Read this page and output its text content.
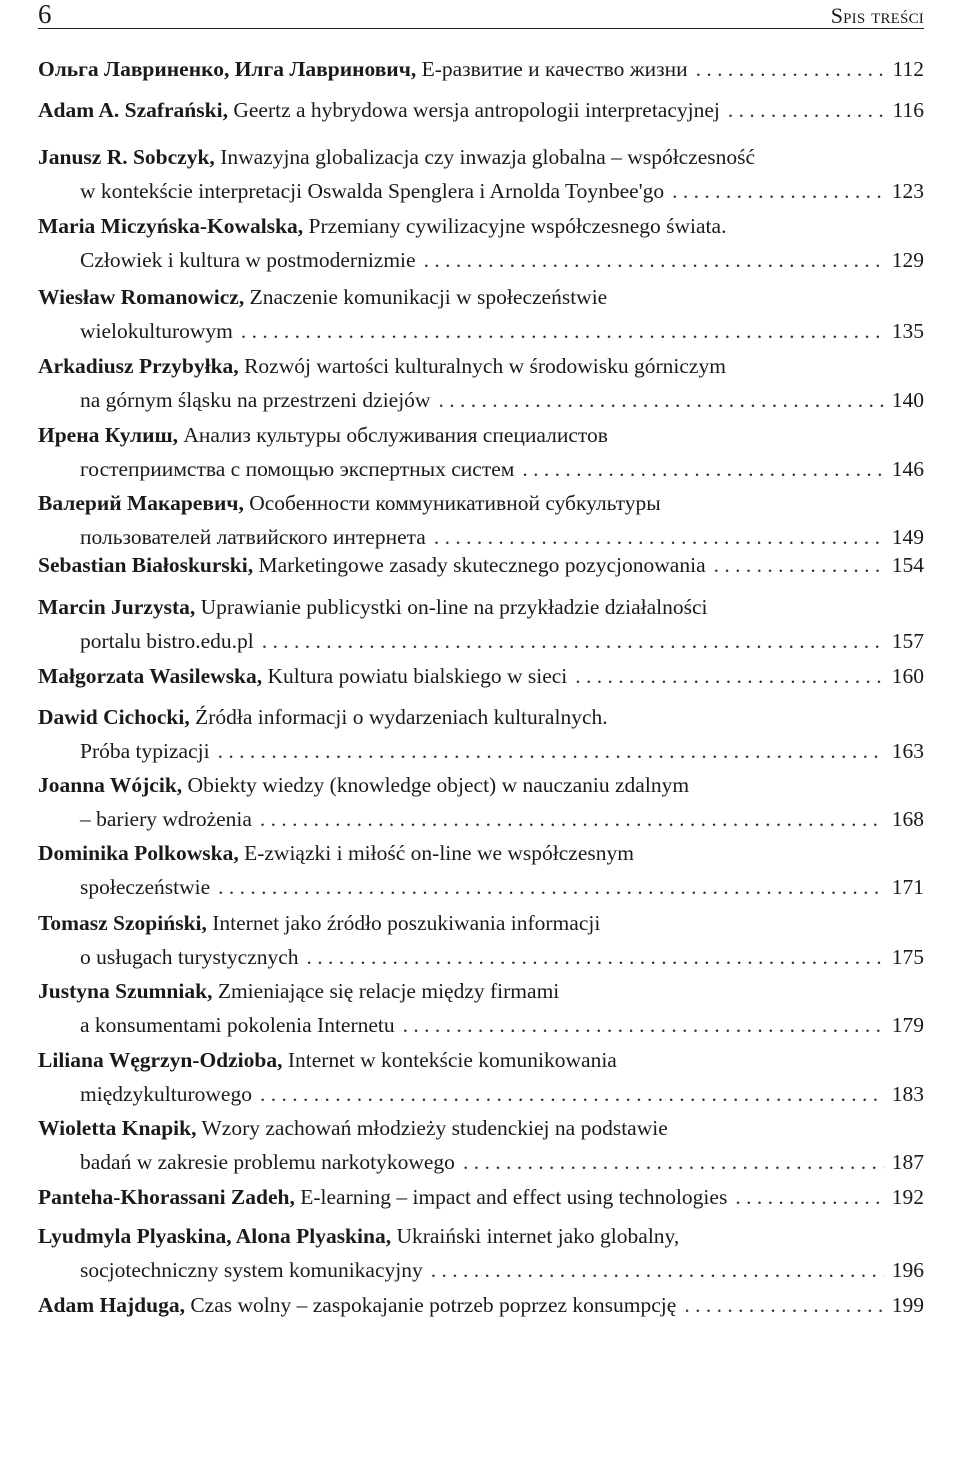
6	Spis treści
Ольга Лавриненко, Илга Лавринович, Е-развитие и качество жизни . . .	112
Adam A. Szafrański, Geertz a hybrydowa wersja antropologii interpretacyjnej . . .	116
Janusz R. Sobczyk, Inwazyjna globalizacja czy inwazja globalna – współczesność
w kontekście interpretacji Oswalda Spenglera i Arnolda Toynbee'go . . .	123
Maria Miczyńska-Kowalska, Przemiany cywilizacyjne współczesnego świata.
Człowiek i kultura w postmodernizmie . . .	129
Wiesław Romanowicz, Znaczenie komunikacji w społeczeństwie
wielokulturowym . . .	135
Arkadiusz Przybyłka, Rozwój wartości kulturalnych w środowisku górniczym
na górnym śląsku na przestrzeni dziejów . . .	140
Ирена Кулиш, Анализ культуры обслуживания специалистов
гостеприимства с помощью экспертных систем . . .	146
Валерий Макаревич, Особенности коммуникативной субкультуры
пользователей латвийского интернета . . .	149
Sebastian Białoskurski, Marketingowe zasady skutecznego pozycjonowania . . .	154
Marcin Jurzysta, Uprawianie publicystki on-line na przykładzie działalności
portalu bistro.edu.pl . . .	157
Małgorzata Wasilewska, Kultura powiatu bialskiego w sieci . . .	160
Dawid Cichocki, Źródła informacji o wydarzeniach kulturalnych.
Próba typizacji . . .	163
Joanna Wójcik, Obiekty wiedzy (knowledge object) w nauczaniu zdalnym
– bariery wdrożenia . . .	168
Dominika Polkowska, E-związki i miłość on-line we współczesnym
społeczeństwie . . .	171
Tomasz Szopiński, Internet jako źródło poszukiwania informacji
o usługach turystycznych . . .	175
Justyna Szumniak, Zmieniające się relacje między firmami
a konsumentami pokolenia Internetu . . .	179
Liliana Węgrzyn-Odzioba, Internet w kontekście komunikowania
międzykulturowego . . .	183
Wioletta Knapik, Wzory zachowań młodzieży studenckiej na podstawie
badań w zakresie problemu narkotykowego . . .	187
Panteha-Khorassani Zadeh, E-learning – impact and effect using technologies . . .	192
Lyudmyla Plyaskina, Alona Plyaskina, Ukraiński internet jako globalny,
socjotechniczny system komunikacyjny . . .	196
Adam Hajduga, Czas wolny – zaspokajanie potrzeb poprzez konsumpcję . . .	199
